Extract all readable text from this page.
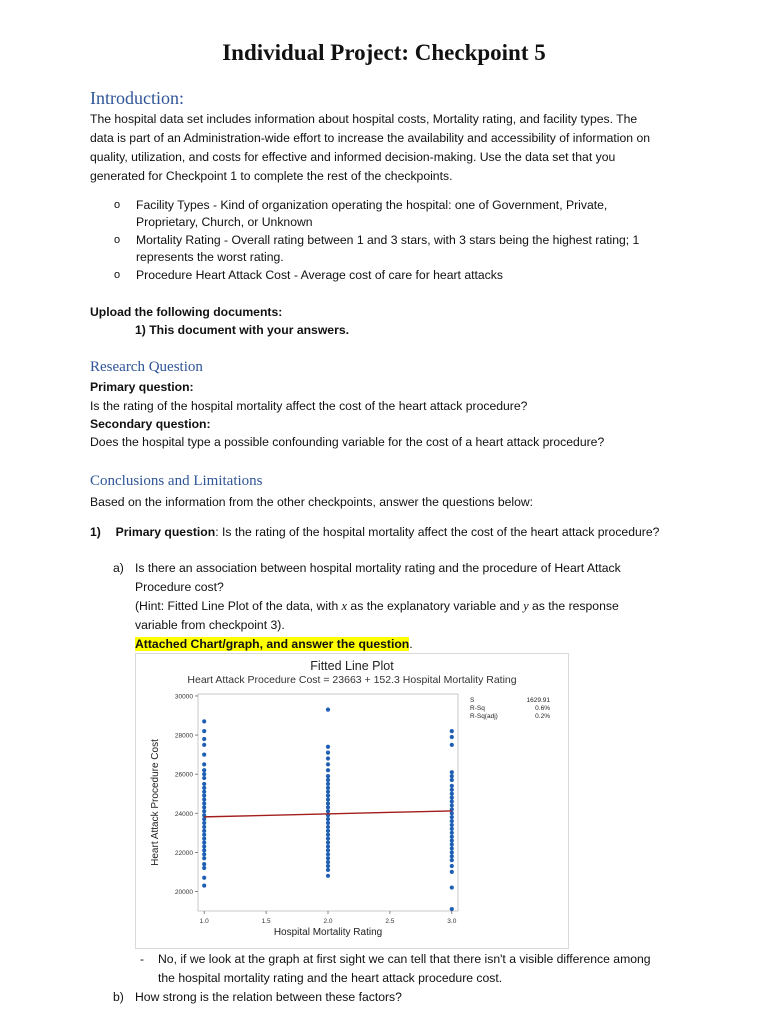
Individual Project: Checkpoint 5
Introduction:
The hospital data set includes information about hospital costs, Mortality rating, and facility types. The
data is part of an Administration-wide effort to increase the availability and accessibility of information on
quality, utilization, and costs for effective and informed decision-making. Use the data set that you
generated for Checkpoint 1 to complete the rest of the checkpoints.
o Facility Types - Kind of organization operating the hospital: one of Government, Private,
Proprietary, Church, or Unknown
o Mortality Rating - Overall rating between 1 and 3 stars, with 3 stars being the highest rating; 1
represents the worst rating.
o Procedure Heart Attack Cost - Average cost of care for heart attacks
Upload the following documents:
1) This document with your answers.
Research Question
Primary question:
Is the rating of the hospital mortality affect the cost of the heart attack procedure?
Secondary question:
Does the hospital type a possible confounding variable for the cost of a heart attack procedure?
Conclusions and Limitations
Based on the information from the other checkpoints, answer the questions below:
1) Primary question: Is the rating of the hospital mortality affect the cost of the heart attack procedure?
a) Is there an association between hospital mortality rating and the procedure of Heart Attack
Procedure cost?
(Hint: Fitted Line Plot of the data, with x as the explanatory variable and y as the response
variable from checkpoint 3).
Attached Chart/graph, and answer the question.
Fitted Line Plot
Heart Attack Procedure Cost = 23663 + 152.3 Hospital Mortality Rating
20000
22000
24000
26000
28000
30000
1.0	1.5	2.0	2.5	3.0
Hospital Mortality Rating
Heart Attack Procedure Cost
S	1629.91
R-Sq	0.6%
R-Sq(adj)	0.2%
- No, if we look at the graph at first sight we can tell that there isn't a visible difference among
the hospital mortality rating and the heart attack procedure cost.
b) How strong is the relation between these factors?
